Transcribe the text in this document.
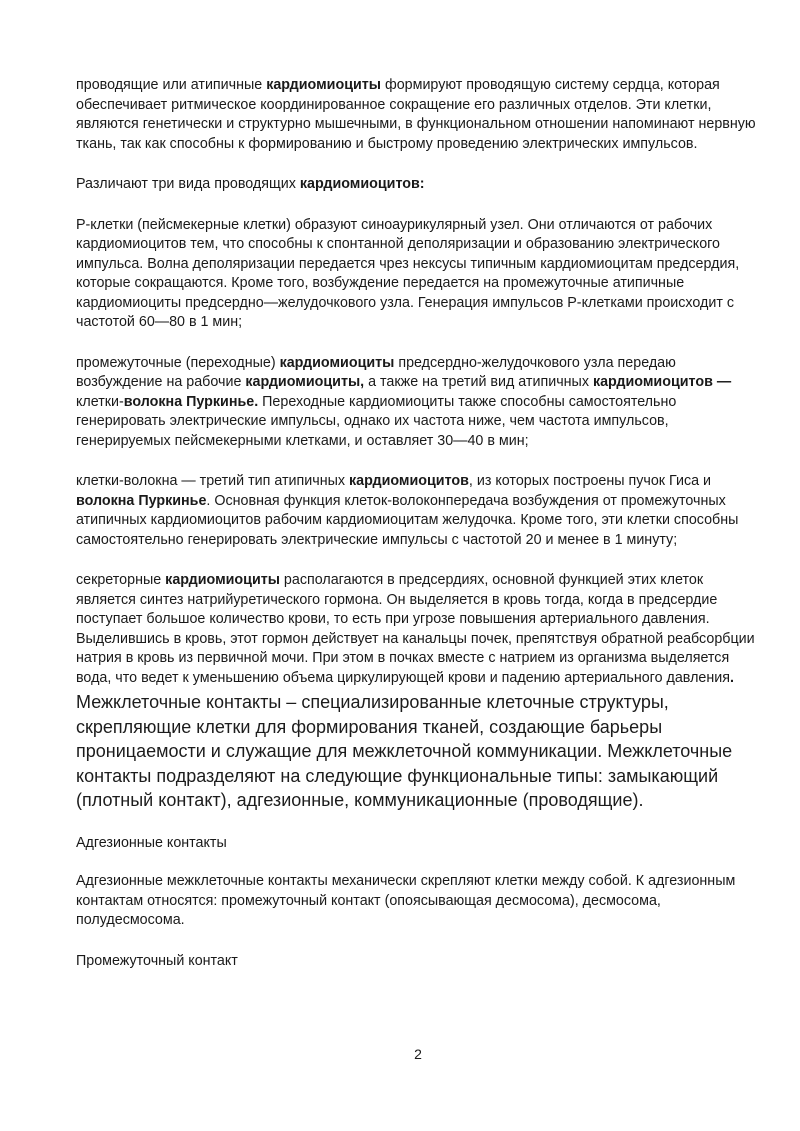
проводящие или атипичные кардиомиоциты формируют проводящую систему сердца, которая обеспечивает ритмическое координированное сокращение его различных отделов. Эти клетки, являются генетически и структурно мышечными, в функциональном отношении напоминают нервную ткань, так как способны к формированию и быстрому проведению электрических импульсов.

Различают три вида проводящих кардиомиоцитов:

Р-клетки (пейсмекерные клетки) образуют синоаурикулярный узел. Они отличаются от рабочих кардиомиоцитов тем, что способны к спонтанной деполяризации и образованию электрического импульса. Волна деполяризации передается чрез нексусы типичным кардиомиоцитам предсердия, которые сокращаются. Кроме того, возбуждение передается на промежуточные атипичные кардиомиоциты предсердно—желудочкового узла. Генерация импульсов Р-клетками происходит с частотой 60—80 в 1 мин;

промежуточные (переходные) кардиомиоциты предсердно-желудочкового узла передаю возбуждение на рабочие кардиомиоциты, а также на третий вид атипичных кардиомиоцитов — клетки-волокна Пуркинье. Переходные кардиомиоциты также способны самостоятельно генерировать электрические импульсы, однако их частота ниже, чем частота импульсов, генерируемых пейсмекерными клетками, и оставляет 30—40 в мин;

клетки-волокна — третий тип атипичных кардиомиоцитов, из которых построены пучок Гиса и волокна Пуркинье. Основная функция клеток-волоконпередача возбуждения от промежуточных атипичных кардиомиоцитов рабочим кардиомиоцитам желудочка. Кроме того, эти клетки способны самостоятельно генерировать электрические импульсы с частотой 20 и менее в 1 минуту;

секреторные кардиомиоциты располагаются в предсердиях, основной функцией этих клеток является синтез натрийуретического гормона. Он выделяется в кровь тогда, когда в предсердие поступает большое количество крови, то есть при угрозе повышения артериального давления. Выделившись в кровь, этот гормон действует на канальцы почек, препятствуя обратной реабсорбции натрия в кровь из первичной мочи. При этом в почках вместе с натрием из организма выделяется вода, что ведет к уменьшению объема циркулирующей крови и падению артериального давления.

Межклеточные контакты – специализированные клеточные структуры, скрепляющие клетки для формирования тканей, создающие барьеры проницаемости и служащие для межклеточной коммуникации. Межклеточные контакты подразделяют на следующие функциональные типы: замыкающий (плотный контакт), адгезионные, коммуникационные (проводящие).

Адгезионные контакты

Адгезионные межклеточные контакты механически скрепляют клетки между собой. К адгезионным контактам относятся: промежуточный контакт (опоясывающая десмосома), десмосома, полудесмосома.

Промежуточный контакт

2
